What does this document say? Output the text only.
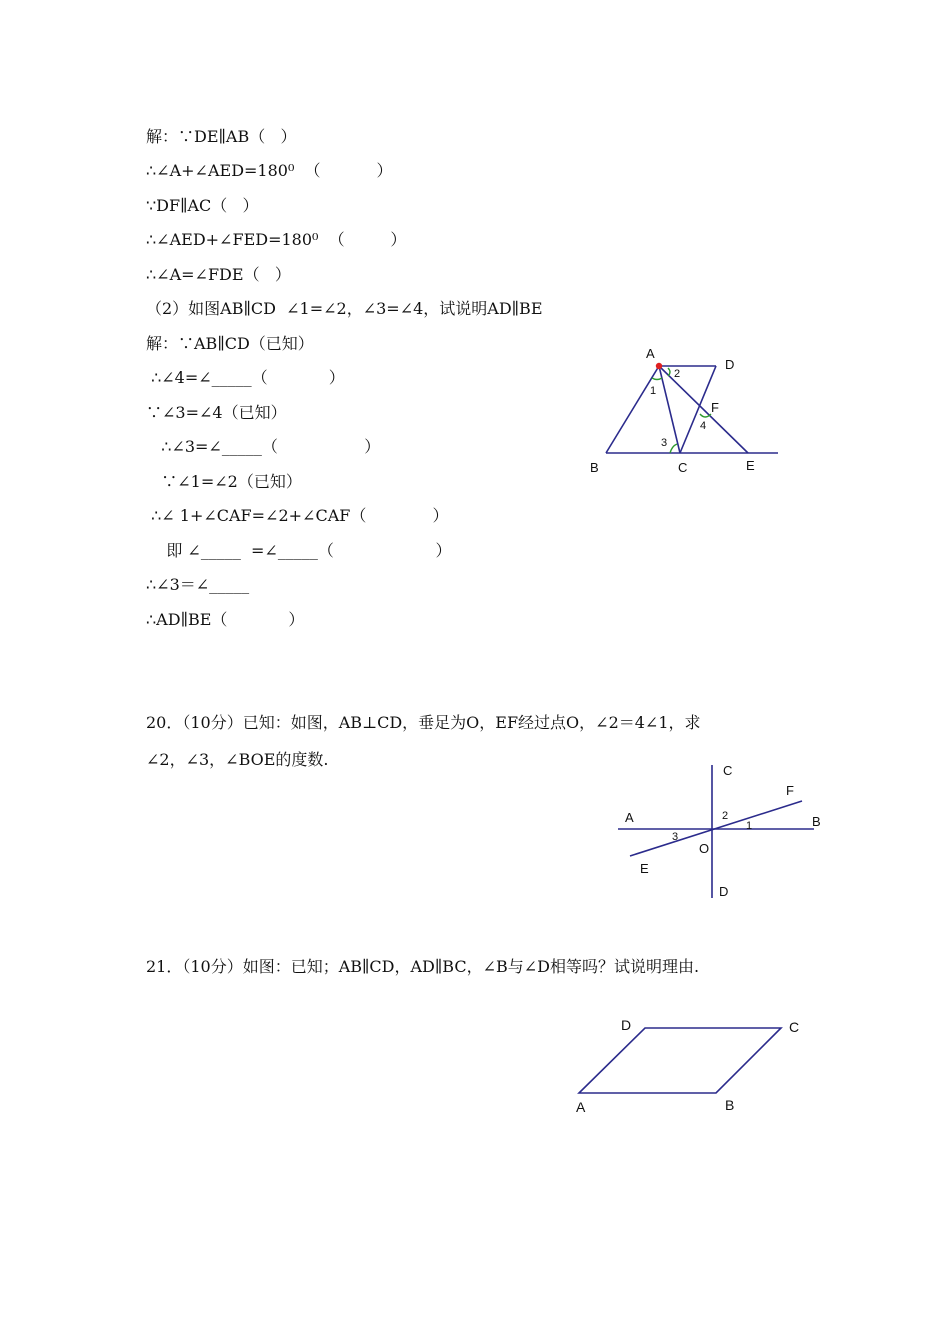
解：∵DE∥AB（   ）
∴∠A+∠AED=180⁰  （           ）
∵DF∥AC（   ）
∴∠AED+∠FED=180⁰  （         ）
∴∠A=∠FDE（   ）
（2）如图AB∥CD  ∠1=∠2，∠3=∠4，试说明AD∥BE
解：∵AB∥CD（已知）
∴∠4=∠_____（            ）
∵∠3=∠4（已知）
∴∠3=∠_____（                 ）
∵∠1=∠2（已知）
∴∠ 1+∠CAF=∠2+∠CAF（             ）
即 ∠_____  =∠_____（                    ）
∴∠3＝∠_____
∴AD∥BE（            ）
A
D
B	C	E
F
1
2
3
4
C
F
A	B
O
E
D
2
1
3
D	C
A	B
20．（10分）已知：如图，AB⊥CD，垂足为O，EF经过点O，∠2＝4∠1，求
∠2，∠3，∠BOE的度数.
21．（10分）如图：已知；AB∥CD，AD∥BC，∠B与∠D相等吗？试说明理由.
